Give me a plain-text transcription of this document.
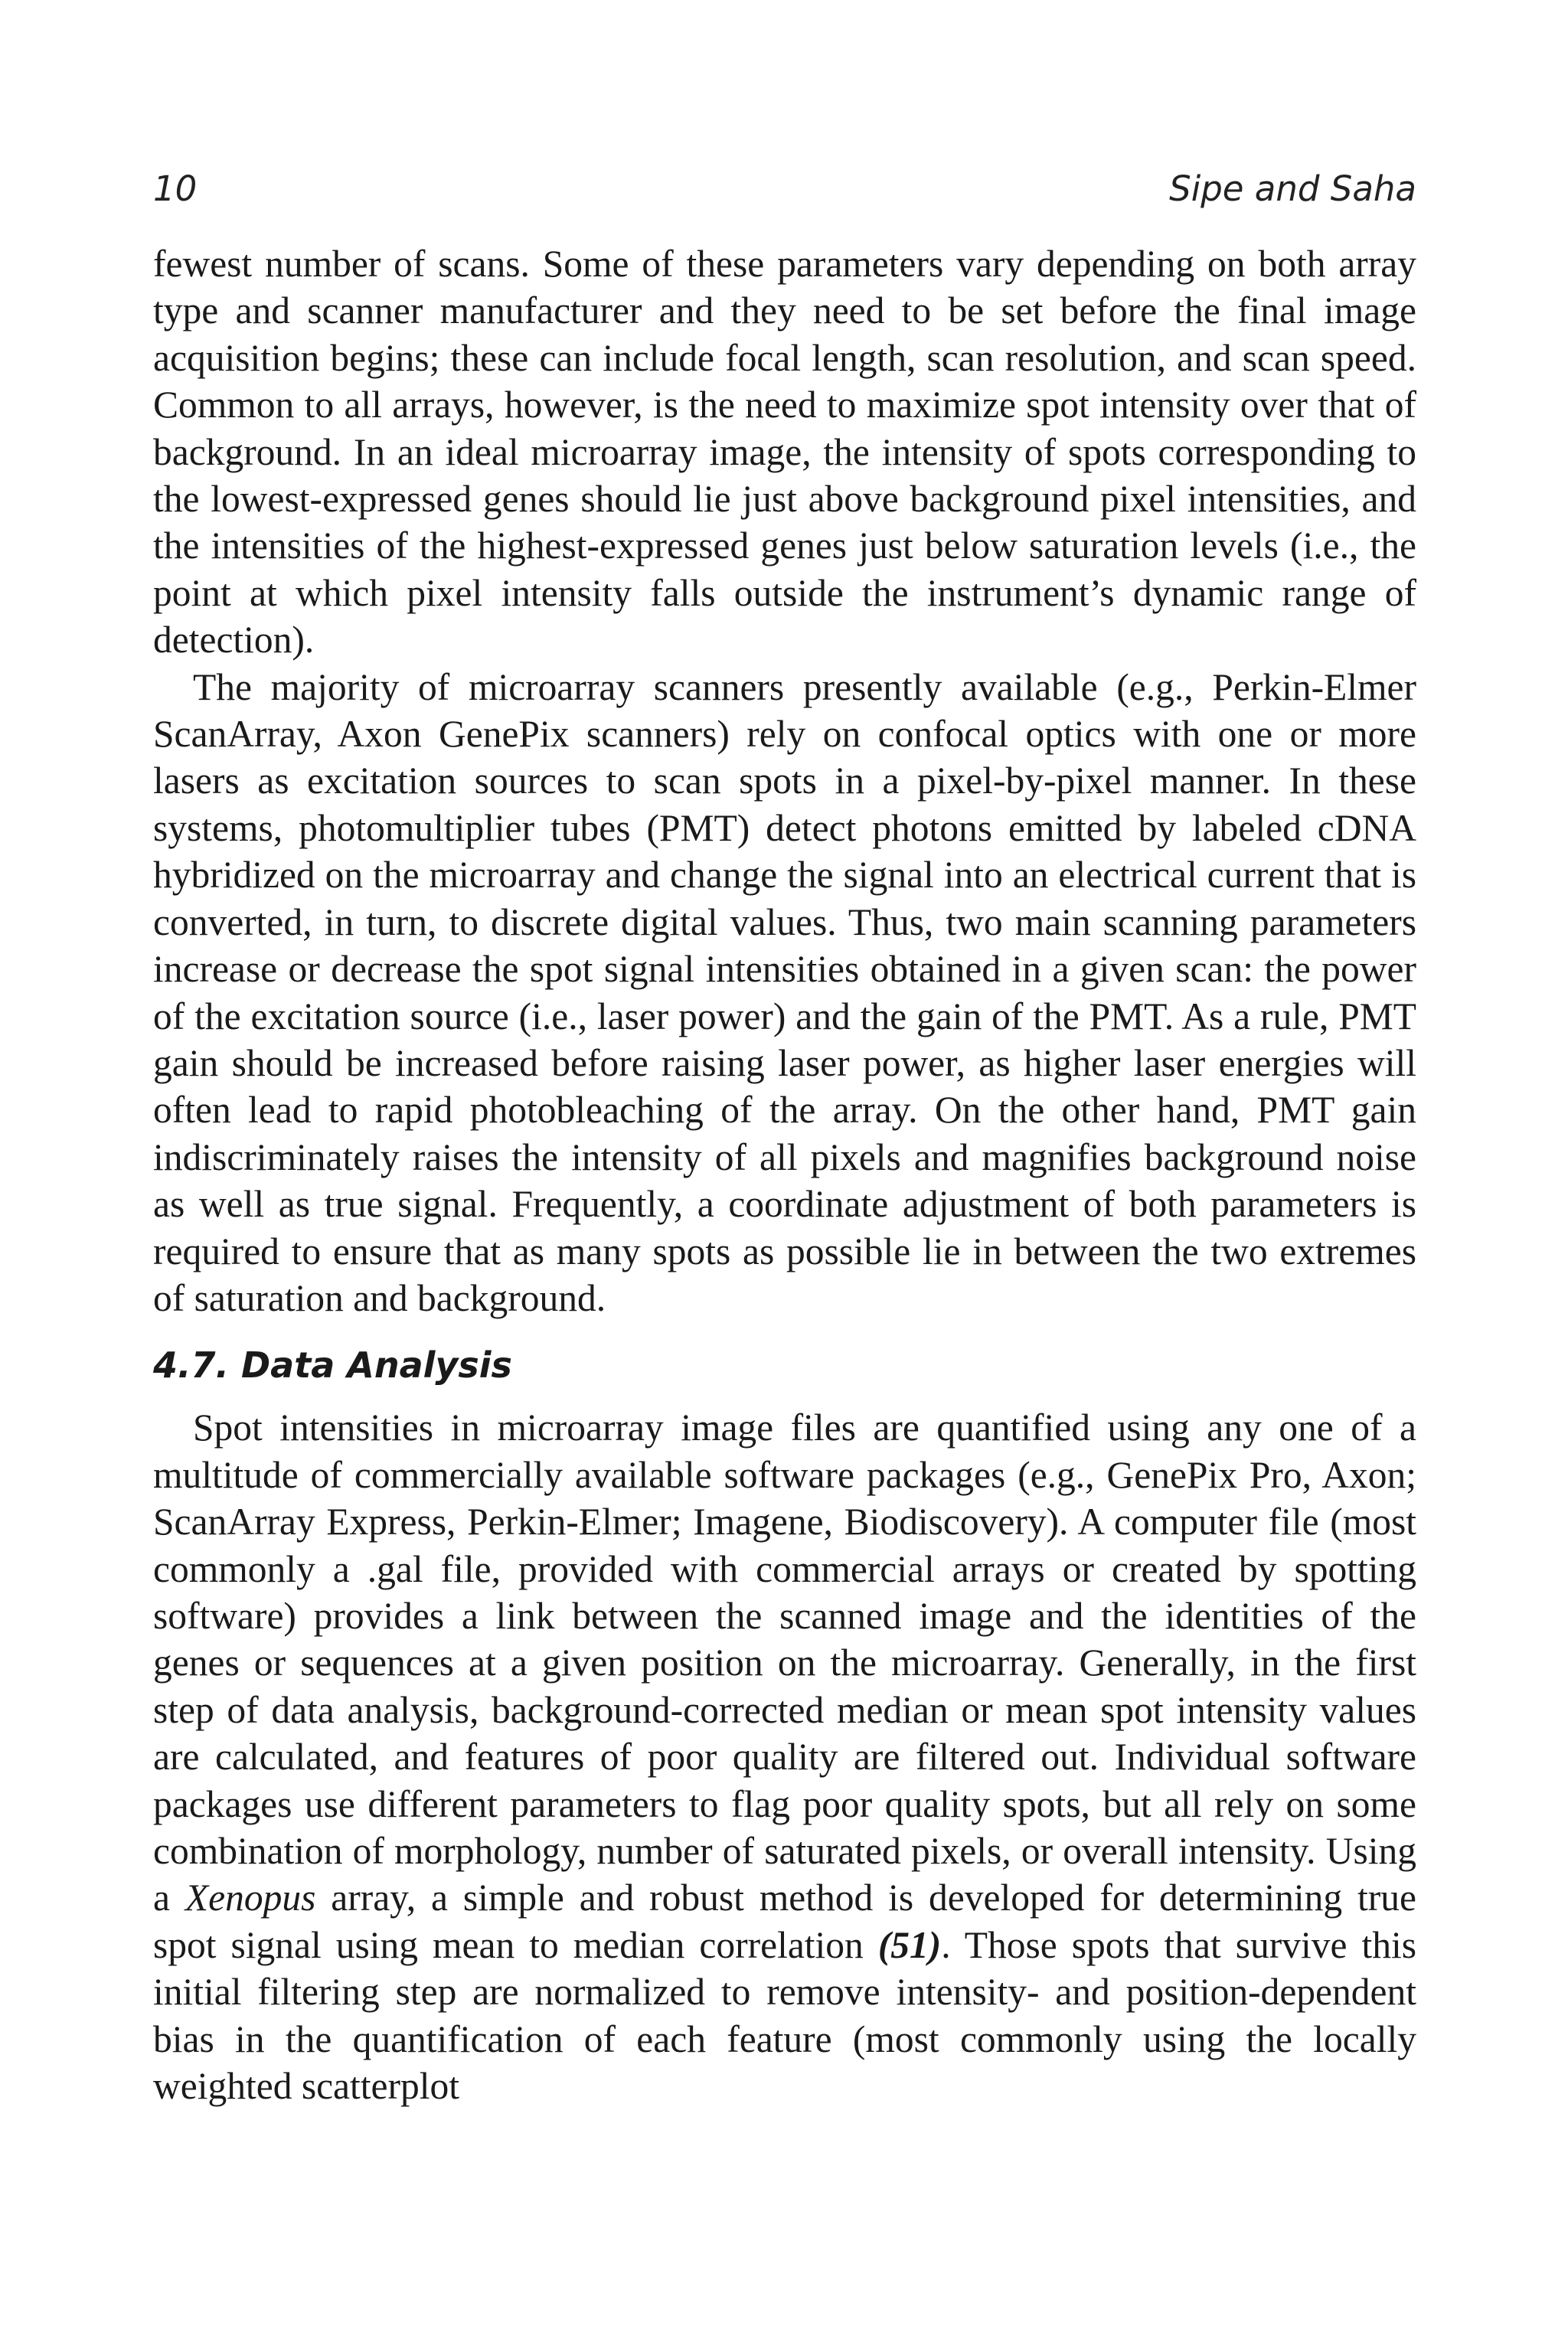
10	Sipe and Saha

fewest number of scans. Some of these parameters vary depending on both array type and scanner manufacturer and they need to be set before the final image acquisition begins; these can include focal length, scan resolution, and scan speed. Common to all arrays, however, is the need to maximize spot intensity over that of background. In an ideal microarray image, the intensity of spots corresponding to the lowest-expressed genes should lie just above background pixel intensities, and the intensities of the highest-expressed genes just below saturation levels (i.e., the point at which pixel intensity falls outside the instrument’s dynamic range of detection).

The majority of microarray scanners presently available (e.g., Perkin-Elmer ScanArray, Axon GenePix scanners) rely on confocal optics with one or more lasers as excitation sources to scan spots in a pixel-by-pixel manner. In these systems, photomultiplier tubes (PMT) detect photons emitted by labeled cDNA hybridized on the microarray and change the signal into an electrical current that is converted, in turn, to discrete digital values. Thus, two main scanning parameters increase or decrease the spot signal intensities obtained in a given scan: the power of the excitation source (i.e., laser power) and the gain of the PMT. As a rule, PMT gain should be increased before raising laser power, as higher laser energies will often lead to rapid photobleaching of the array. On the other hand, PMT gain indiscriminately raises the intensity of all pixels and magnifies background noise as well as true signal. Frequently, a coordinate adjustment of both parameters is required to ensure that as many spots as possible lie in between the two extremes of saturation and background.

4.7. Data Analysis

Spot intensities in microarray image files are quantified using any one of a multitude of commercially available software packages (e.g., GenePix Pro, Axon; ScanArray Express, Perkin-Elmer; Imagene, Biodiscovery). A computer file (most commonly a .gal file, provided with commercial arrays or created by spotting software) provides a link between the scanned image and the identities of the genes or sequences at a given position on the microarray. Generally, in the first step of data analysis, background-corrected median or mean spot intensity values are calculated, and features of poor quality are filtered out. Individual software packages use different parameters to flag poor quality spots, but all rely on some combination of morphology, number of saturated pixels, or overall intensity. Using a Xenopus array, a simple and robust method is developed for determining true spot signal using mean to median correlation (51). Those spots that survive this initial filtering step are normalized to remove intensity- and position-dependent bias in the quantification of each feature (most commonly using the locally weighted scatterplot
